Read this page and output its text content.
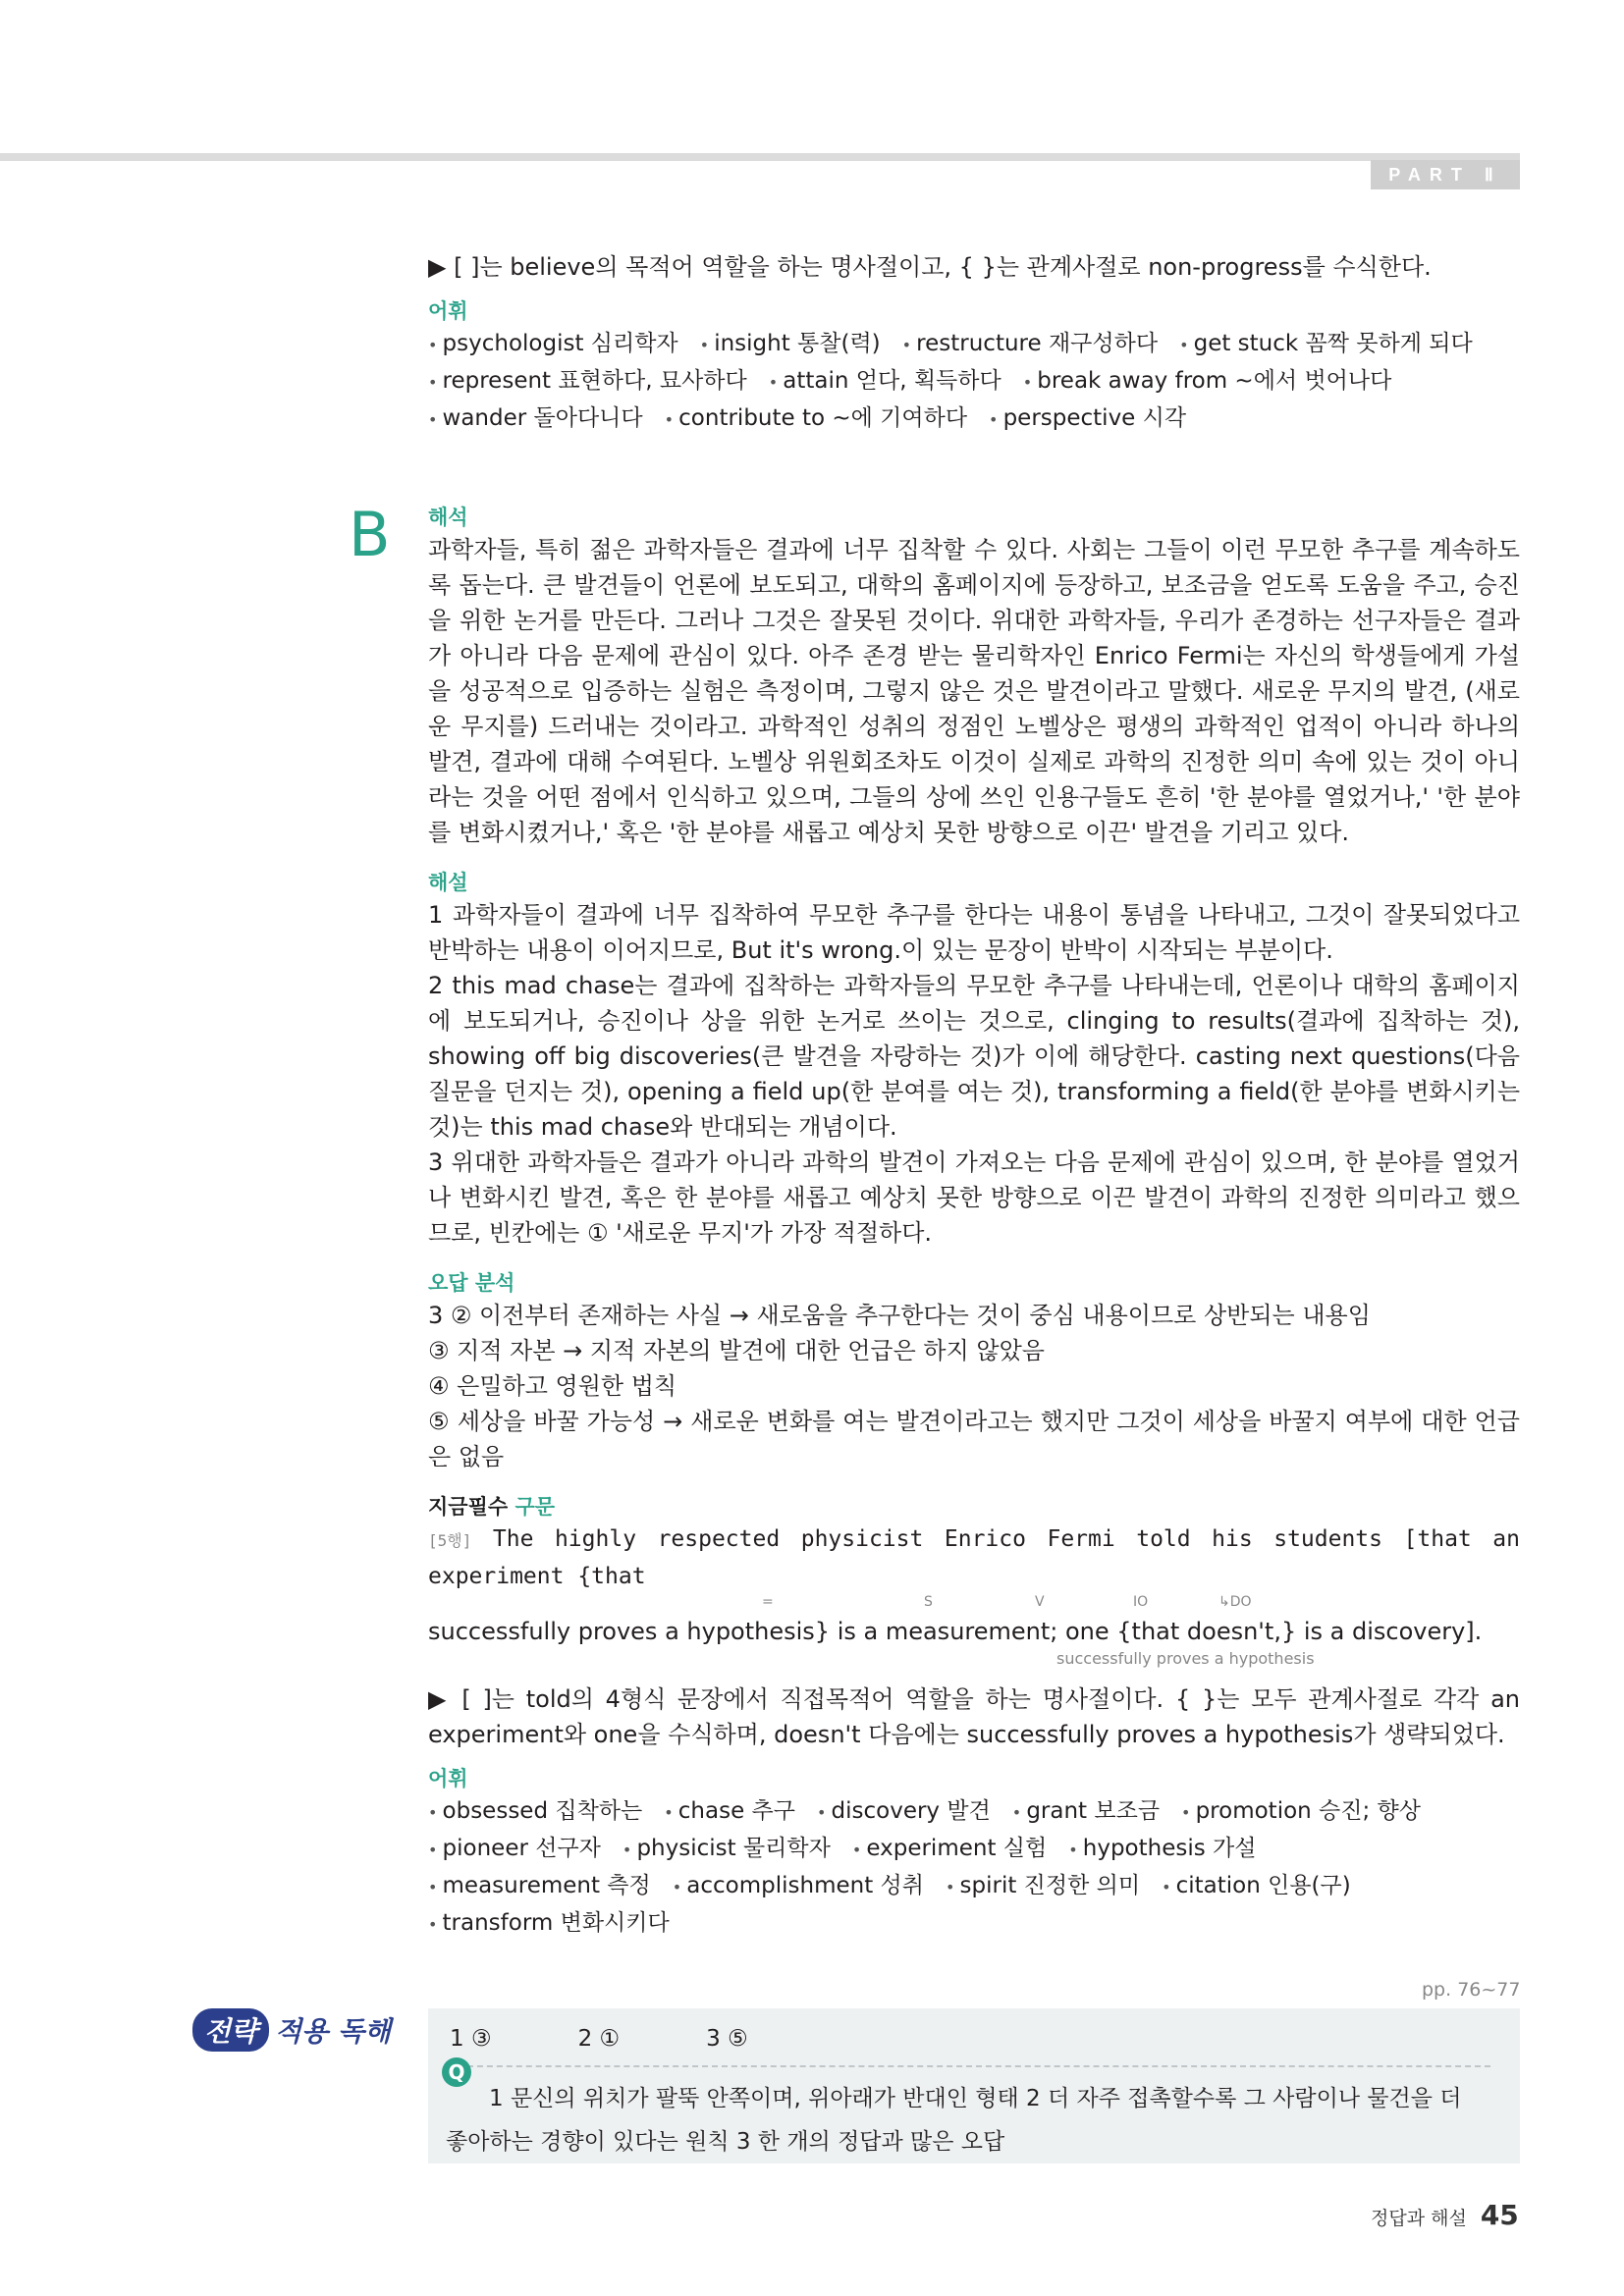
PART Ⅱ

▶ [ ]는 believe의 목적어 역할을 하는 명사절이고, { }는 관계사절로 non-progress를 수식한다.

어휘
• psychologist 심리학자	• insight 통찰(력)	• restructure 재구성하다	• get stuck 꼼짝 못하게 되다
• represent 표현하다, 묘사하다	• attain 얻다, 획득하다	• break away from ~에서 벗어나다
• wander 돌아다니다	• contribute to ~에 기여하다	• perspective 시각
B 해석

과학자들, 특히 젊은 과학자들은 결과에 너무 집착할 수 있다. 사회는 그들이 이런 무모한 추구를 계속하도록 돕는다. 큰 발견들이 언론에 보도되고, 대학의 홈페이지에 등장하고, 보조금을 얻도록 도움을 주고, 승진을 위한 논거를 만든다. 그러나 그것은 잘못된 것이다. 위대한 과학자들, 우리가 존경하는 선구자들은 결과가 아니라 다음 문제에 관심이 있다. 아주 존경 받는 물리학자인 Enrico Fermi는 자신의 학생들에게 가설을 성공적으로 입증하는 실험은 측정이며, 그렇지 않은 것은 발견이라고 말했다. 새로운 무지의 발견, (새로운 무지를) 드러내는 것이라고. 과학적인 성취의 정점인 노벨상은 평생의 과학적인 업적이 아니라 하나의 발견, 결과에 대해 수여된다. 노벨상 위원회조차도 이것이 실제로 과학의 진정한 의미 속에 있는 것이 아니라는 것을 어떤 점에서 인식하고 있으며, 그들의 상에 쓰인 인용구들도 흔히 '한 분야를 열었거나,' '한 분야를 변화시켰거나,' 혹은 '한 분야를 새롭고 예상치 못한 방향으로 이끈' 발견을 기리고 있다.

해설

1 과학자들이 결과에 너무 집착하여 무모한 추구를 한다는 내용이 통념을 나타내고, 그것이 잘못되었다고 반박하는 내용이 이어지므로, But it's wrong.이 있는 문장이 반박이 시작되는 부분이다.

2 this mad chase는 결과에 집착하는 과학자들의 무모한 추구를 나타내는데, 언론이나 대학의 홈페이지에 보도되거나, 승진이나 상을 위한 논거로 쓰이는 것으로, clinging to results(결과에 집착하는 것), showing off big discoveries(큰 발견을 자랑하는 것)가 이에 해당한다. casting next questions(다음 질문을 던지는 것), opening a field up(한 분여를 여는 것), transforming a field(한 분야를 변화시키는 것)는 this mad chase와 반대되는 개념이다.

3 위대한 과학자들은 결과가 아니라 과학의 발견이 가져오는 다음 문제에 관심이 있으며, 한 분야를 열었거나 변화시킨 발견, 혹은 한 분야를 새롭고 예상치 못한 방향으로 이끈 발견이 과학의 진정한 의미라고 했으므로, 빈칸에는 ① '새로운 무지'가 가장 적절하다.

오답 분석

3 ② 이전부터 존재하는 사실 → 새로움을 추구한다는 것이 중심 내용이므로 상반되는 내용임

③ 지적 자본 → 지적 자본의 발견에 대한 언급은 하지 않았음

④ 은밀하고 영원한 법칙

⑤ 세상을 바꿀 가능성 → 새로운 변화를 여는 발견이라고는 했지만 그것이 세상을 바꿀지 여부에 대한 언급은 없음

지금필수 구문
[5행] The highly respected physicist Enrico Fermi told his students [that an experiment {that
=	S	V	IO	↳DO

successfully proves a hypothesis} is a measurement; one {that doesn't,} is a discovery].

successfully proves a hypothesis

▶ [ ]는 told의 4형식 문장에서 직접목적어 역할을 하는 명사절이다. { }는 모두 관계사절로 각각 an experiment와 one을 수식하며, doesn't 다음에는 successfully proves a hypothesis가 생략되었다.

어휘
• obsessed 집착하는	• chase 추구	• discovery 발견	• grant 보조금	• promotion 승진; 향상
• pioneer 선구자	• physicist 물리학자	• experiment 실험	• hypothesis 가설
• measurement 측정	• accomplishment 성취	• spirit 진정한 의미	• citation 인용(구)
• transform 변화시키다
전략 적용 독해
pp. 76~77
1 ③	2 ①	3 ⑤
Q
1 문신의 위치가 팔뚝 안쪽이며, 위아래가 반대인 형태 2 더 자주 접촉할수록 그 사람이나 물건을 더 좋아하는 경향이 있다는 원칙 3 한 개의 정답과 많은 오답
정답과 해설 45
